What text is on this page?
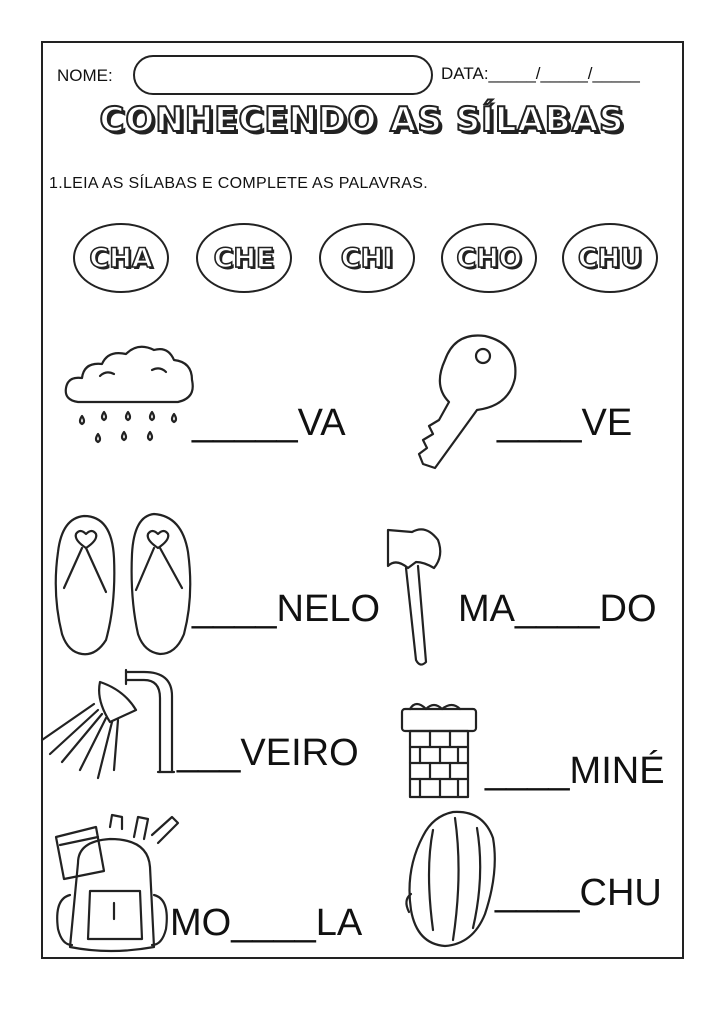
NOME:	DATA:_____/_____/_____
CONHECENDO AS SÍLABAS
1.LEIA AS SÍLABAS E COMPLETE AS PALAVRAS.
CHA CHE CHI CHO CHU
_____VA	____VE
____NELO MA____DO
___VEIRO	____MINÉ
MO____LA
____CHU
